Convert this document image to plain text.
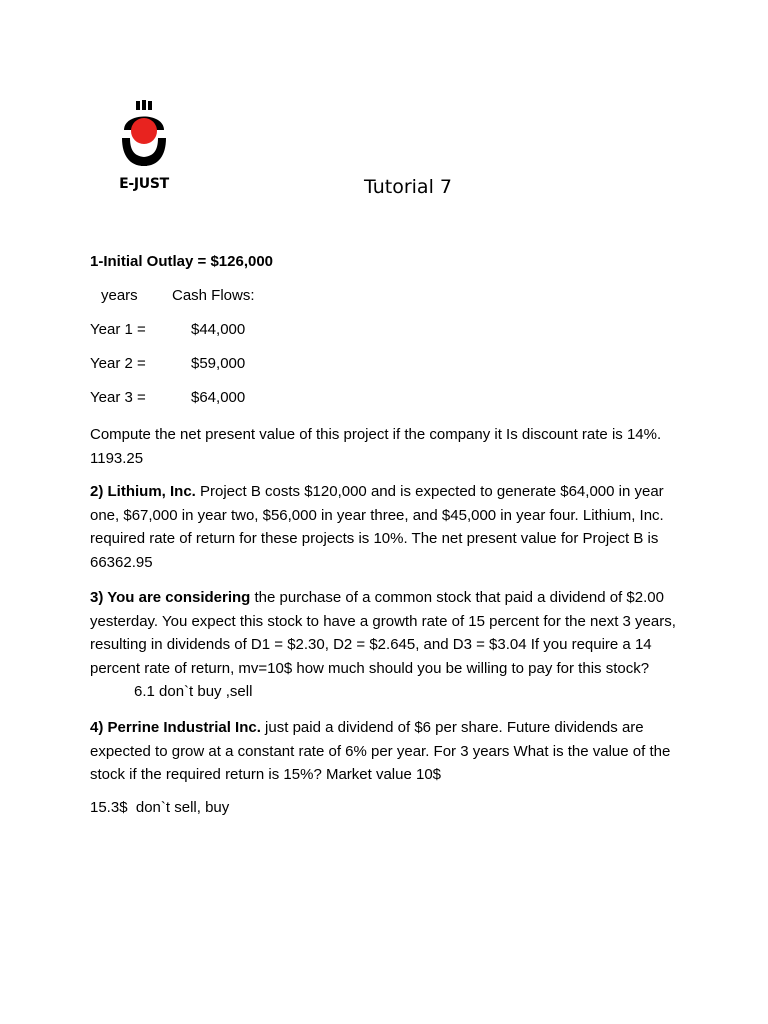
E-JUST	Tutorial 7
1-Initial Outlay = $126,000
years Cash Flows:
Year 1 =	$44,000
Year 2 =	$59,000
Year 3 =	$64,000
Compute the net present value of this project if the company it Is discount rate is 14%. 1193.25
2) Lithium, Inc. Project B costs $120,000 and is expected to generate $64,000 in year one, $67,000 in year two, $56,000 in year three, and $45,000 in year four. Lithium, Inc. required rate of return for these projects is 10%. The net present value for Project B is66362.95
3) You are considering the purchase of a common stock that paid a dividend of $2.00 yesterday. You expect this stock to have a growth rate of 15 percent for the next 3 years, resulting in dividends of D1 = $2.30, D2 = $2.645, and D3 = $3.04 If you require a 14 percent rate of return, mv=10$ how much should you be willing to pay for this stock?6.1 don`t buy ,sell
4) Perrine Industrial Inc. just paid a dividend of $6 per share. Future dividends are expected to grow at a constant rate of 6% per year. For 3 years What is the value of the stock if the required return is 15%? Market value 10$
15.3$  don`t sell, buy
